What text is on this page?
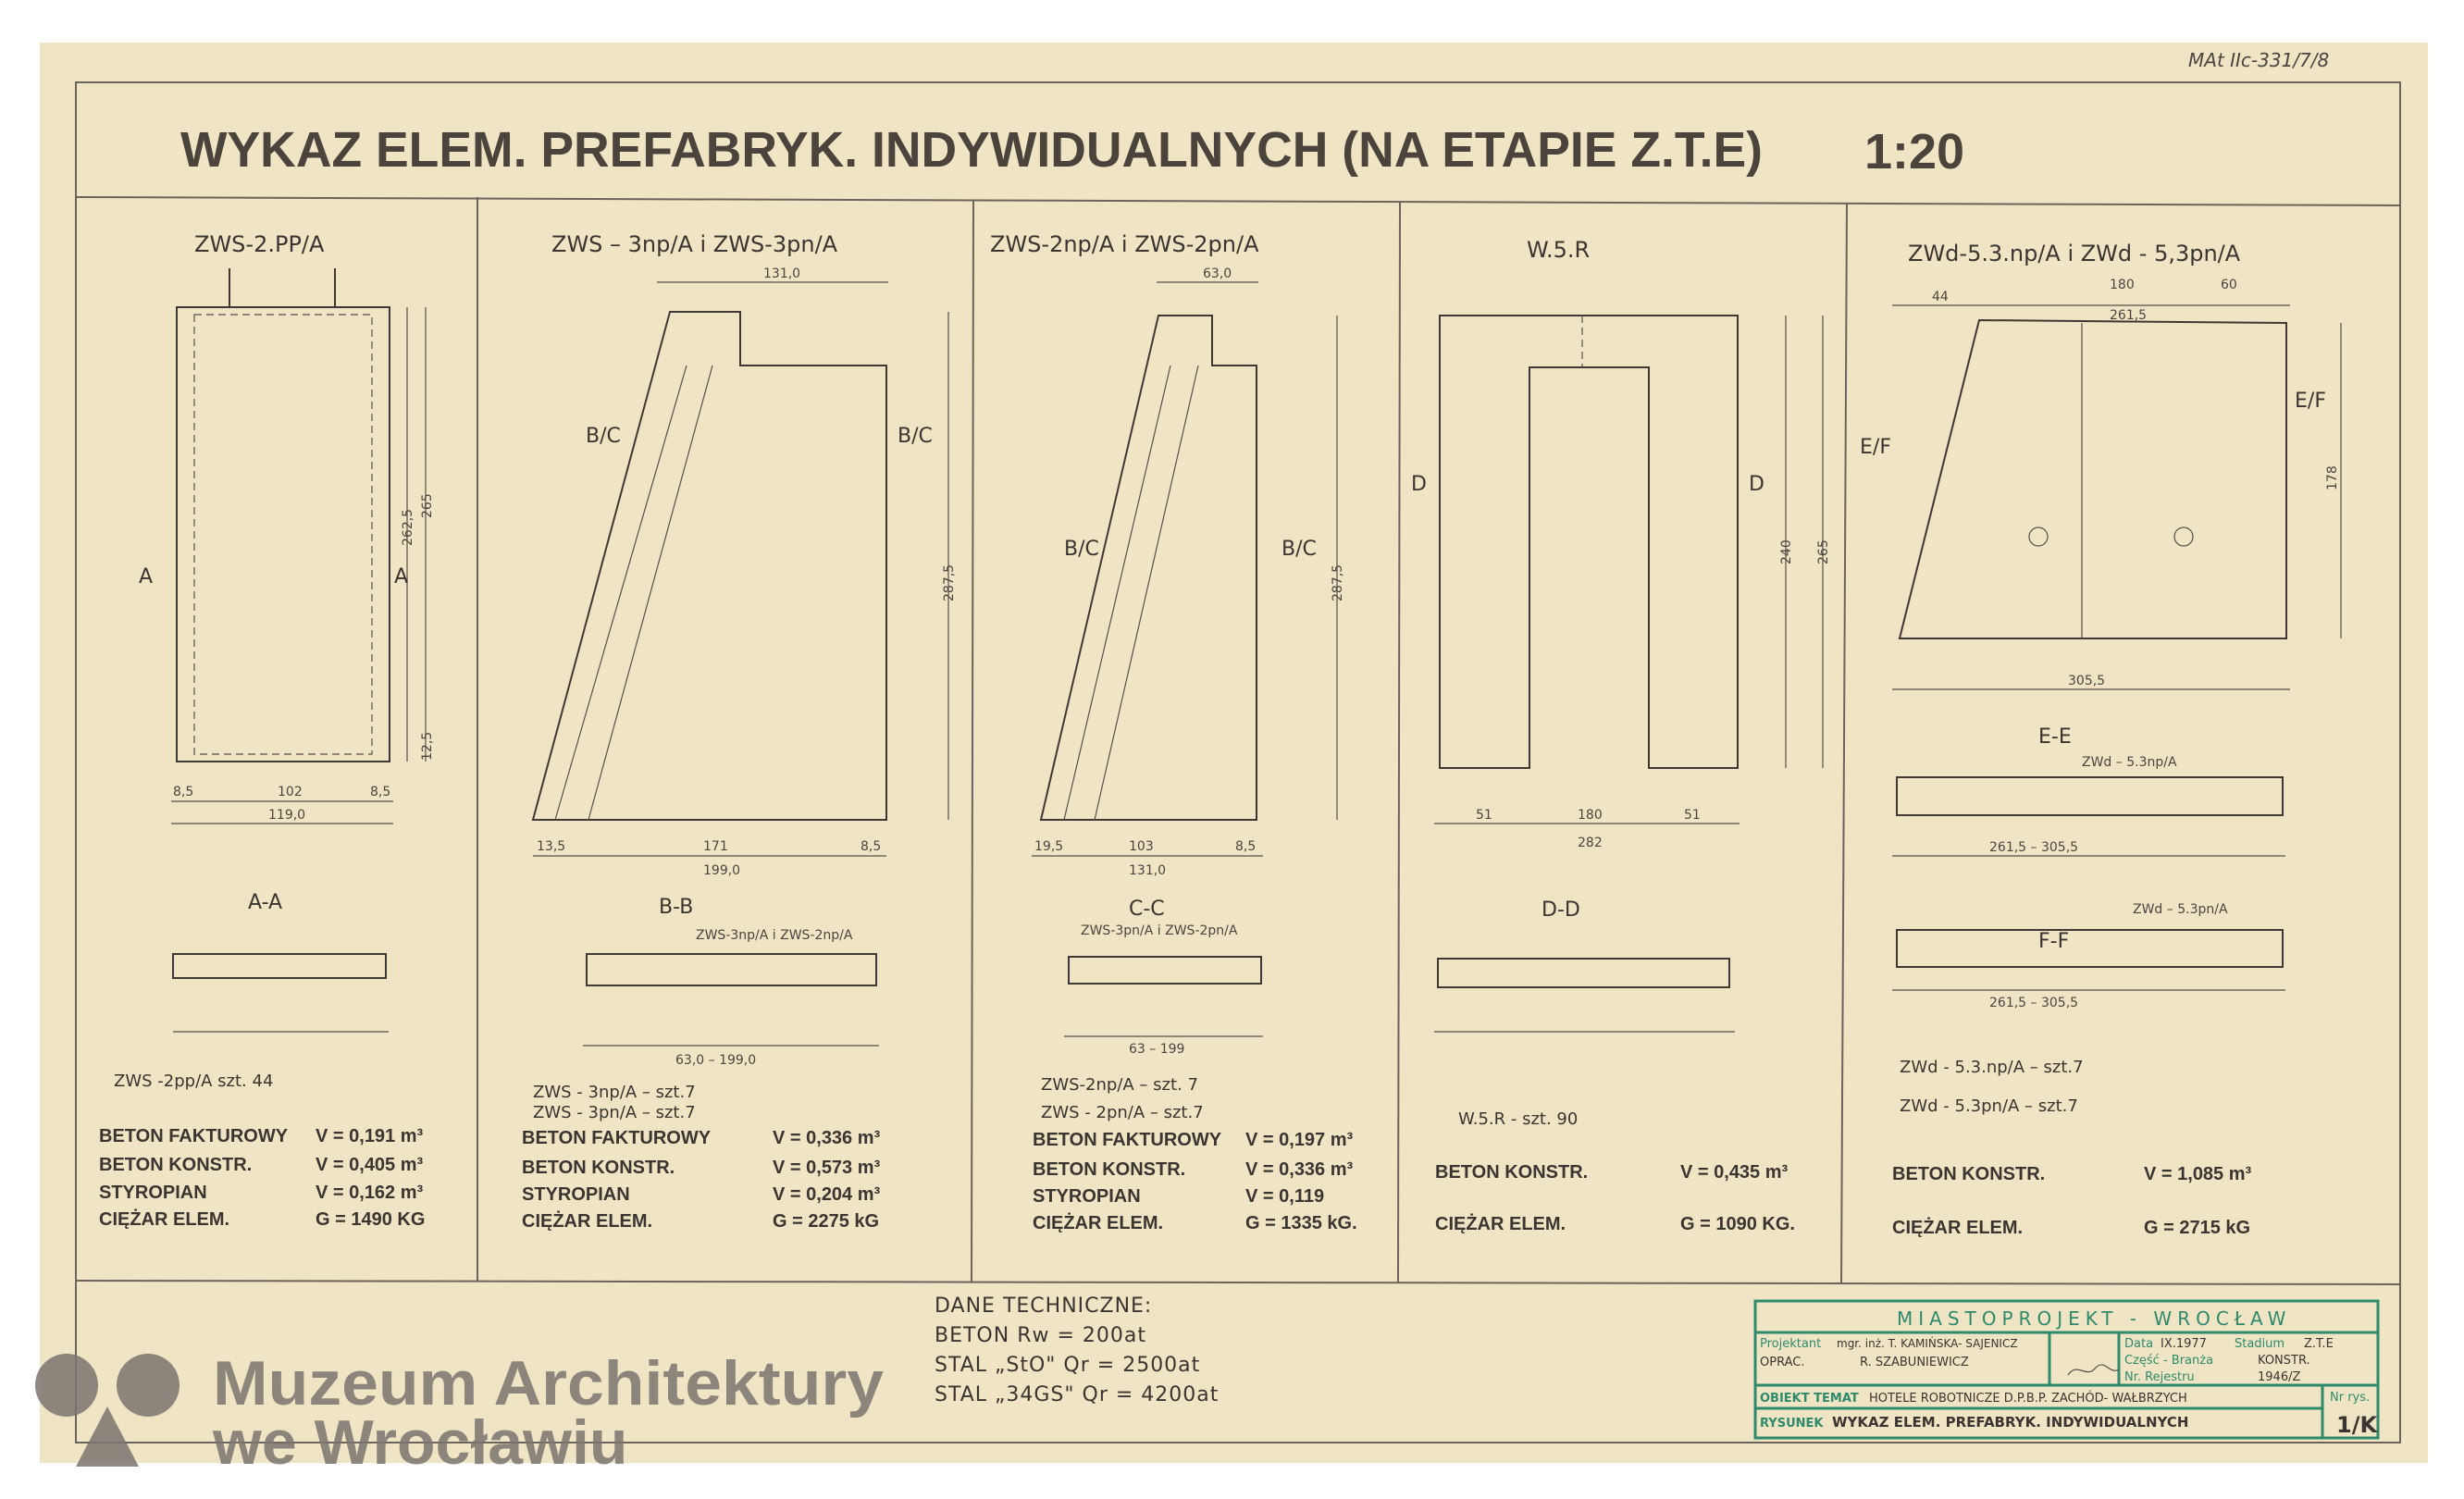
MAt IIc-331/7/8
WYKAZ ELEM. PREFABRYK. INDYWIDUALNYCH (NA ETAPIE Z.T.E) 1:20
ZWS-2.PP/A
262,5
265
12,5
8,5	102	8,5
119,0
A	A
A-A
ZWS -2pp/A szt. 44
BETON FAKTUROWY V = 0,191 m³
BETON KONSTR.	V = 0,405 m³
STYROPIAN	V = 0,162 m³
CIĘŻAR ELEM.	G = 1490 KG
ZWS – 3np/A i ZWS-3pn/A
131,0
13,5	171	8,5
199,0
287,5
B/C	B/C
B-B
ZWS-3np/A i ZWS-2np/A
63,0 – 199,0
ZWS - 3np/A – szt.7
ZWS - 3pn/A – szt.7
BETON FAKTUROWY	V = 0,336 m³
BETON KONSTR.	V = 0,573 m³
STYROPIAN	V = 0,204 m³
CIĘŻAR ELEM.	G = 2275 kG
ZWS-2np/A i ZWS-2pn/A
63,0
19,5	103	8,5
131,0
287,5
B/C	B/C
C-C
ZWS-3pn/A i ZWS-2pn/A
63 – 199
ZWS-2np/A – szt. 7
ZWS - 2pn/A – szt.7
BETON FAKTUROWY V = 0,197 m³
BETON KONSTR.	V = 0,336 m³
STYROPIAN	V = 0,119
CIĘŻAR ELEM.	G = 1335 kG.
W.5.R
240 265
51	180	51
282
D	D
D-D
W.5.R - szt. 90
BETON KONSTR.	V = 0,435 m³
CIĘŻAR ELEM.	G = 1090 KG.
ZWd-5.3.np/A i ZWd - 5,3pn/A
44
180	60
261,5
305,5
178
E/F
E/F
E-E
ZWd – 5.3np/A
261,5 – 305,5
F-F
ZWd – 5.3pn/A
261,5 – 305,5
ZWd - 5.3.np/A – szt.7
ZWd - 5.3pn/A – szt.7
BETON KONSTR.	V = 1,085 m³
CIĘŻAR ELEM.	G = 2715 kG
DANE TECHNICZNE:
BETON Rw = 200at
STAL „StO" Qr = 2500at
STAL „34GS" Qr = 4200at
MIASTOPROJEKT - WROCŁAW
Projektant mgr. inż. T. KAMIŃSKA- SAJENICZ
OPRAC.	R. SZABUNIEWICZ
Data IX.1977 Stadium Z.T.E
Część - Branża	KONSTR.
Nr. Rejestru	1946/Z
OBIEKT TEMAT HOTELE ROBOTNICZE D.P.B.P. ZACHÓD- WAŁBRZYCH
RYSUNEK WYKAZ ELEM. PREFABRYK. INDYWIDUALNYCH
Nr rys.
1/K
Muzeum Architektury
we Wrocławiu
